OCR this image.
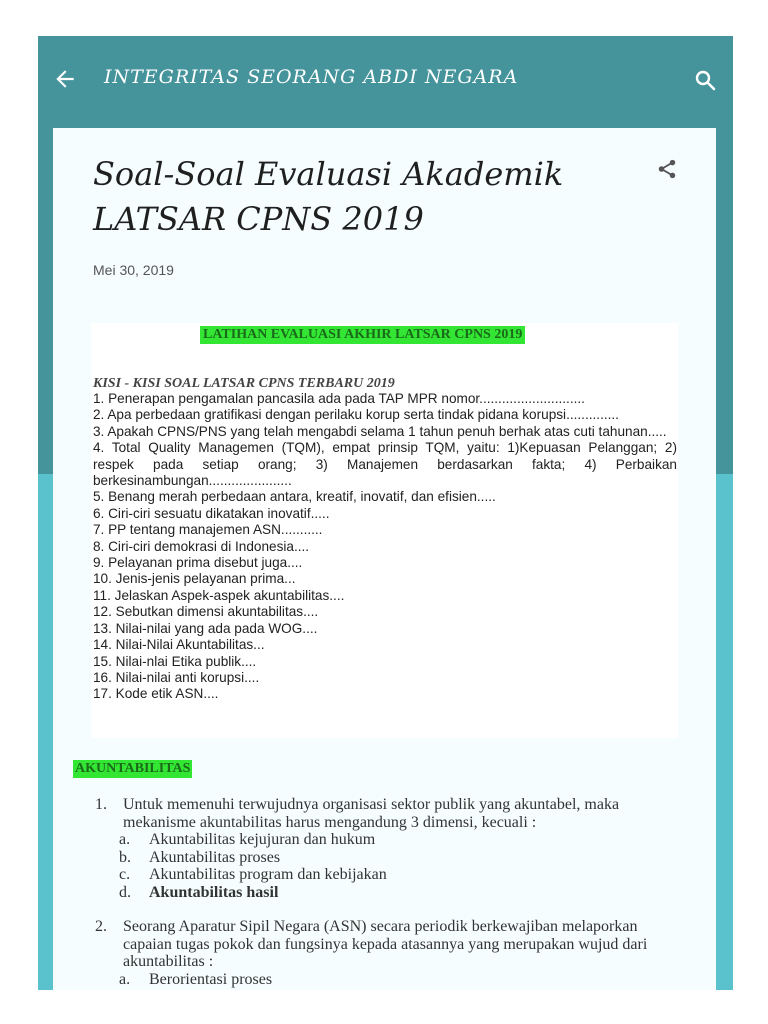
INTEGRITAS SEORANG ABDI NEGARA
Soal-Soal Evaluasi Akademik LATSAR CPNS 2019
Mei 30, 2019
LATIHAN EVALUASI AKHIR LATSAR CPNS 2019
KISI - KISI SOAL LATSAR CPNS TERBARU 2019
1. Penerapan pengamalan pancasila ada pada TAP MPR nomor............................
2. Apa perbedaan gratifikasi dengan perilaku korup serta tindak pidana korupsi..............
3. Apakah CPNS/PNS yang telah mengabdi selama 1 tahun penuh berhak atas cuti tahunan.....
4. Total Quality Managemen (TQM), empat prinsip TQM, yaitu: 1)Kepuasan Pelanggan; 2) respek pada setiap orang; 3) Manajemen berdasarkan fakta; 4) Perbaikan berkesinambungan......................
5. Benang merah perbedaan antara, kreatif, inovatif, dan efisien.....
6. Ciri-ciri sesuatu dikatakan inovatif.....
7. PP tentang manajemen ASN...........
8. Ciri-ciri demokrasi di Indonesia....
9. Pelayanan prima disebut juga....
10. Jenis-jenis pelayanan prima...
11. Jelaskan Aspek-aspek akuntabilitas....
12. Sebutkan dimensi akuntabilitas....
13. Nilai-nilai yang ada pada WOG....
14. Nilai-Nilai Akuntabilitas...
15. Nilai-nlai Etika publik....
16. Nilai-nilai anti korupsi....
17. Kode etik ASN....
AKUNTABILITAS
1.	Untuk memenuhi terwujudnya organisasi sektor publik yang akuntabel, maka mekanisme akuntabilitas harus mengandung 3 dimensi, kecuali :
a.	Akuntabilitas kejujuran dan hukum
b.	Akuntabilitas proses
c.	Akuntabilitas program dan kebijakan
d.	Akuntabilitas hasil
2.	Seorang Aparatur Sipil Negara (ASN) secara periodik berkewajiban melaporkan capaian tugas pokok dan fungsinya kepada atasannya yang merupakan wujud dari akuntabilitas :
a.	Berorientasi proses
